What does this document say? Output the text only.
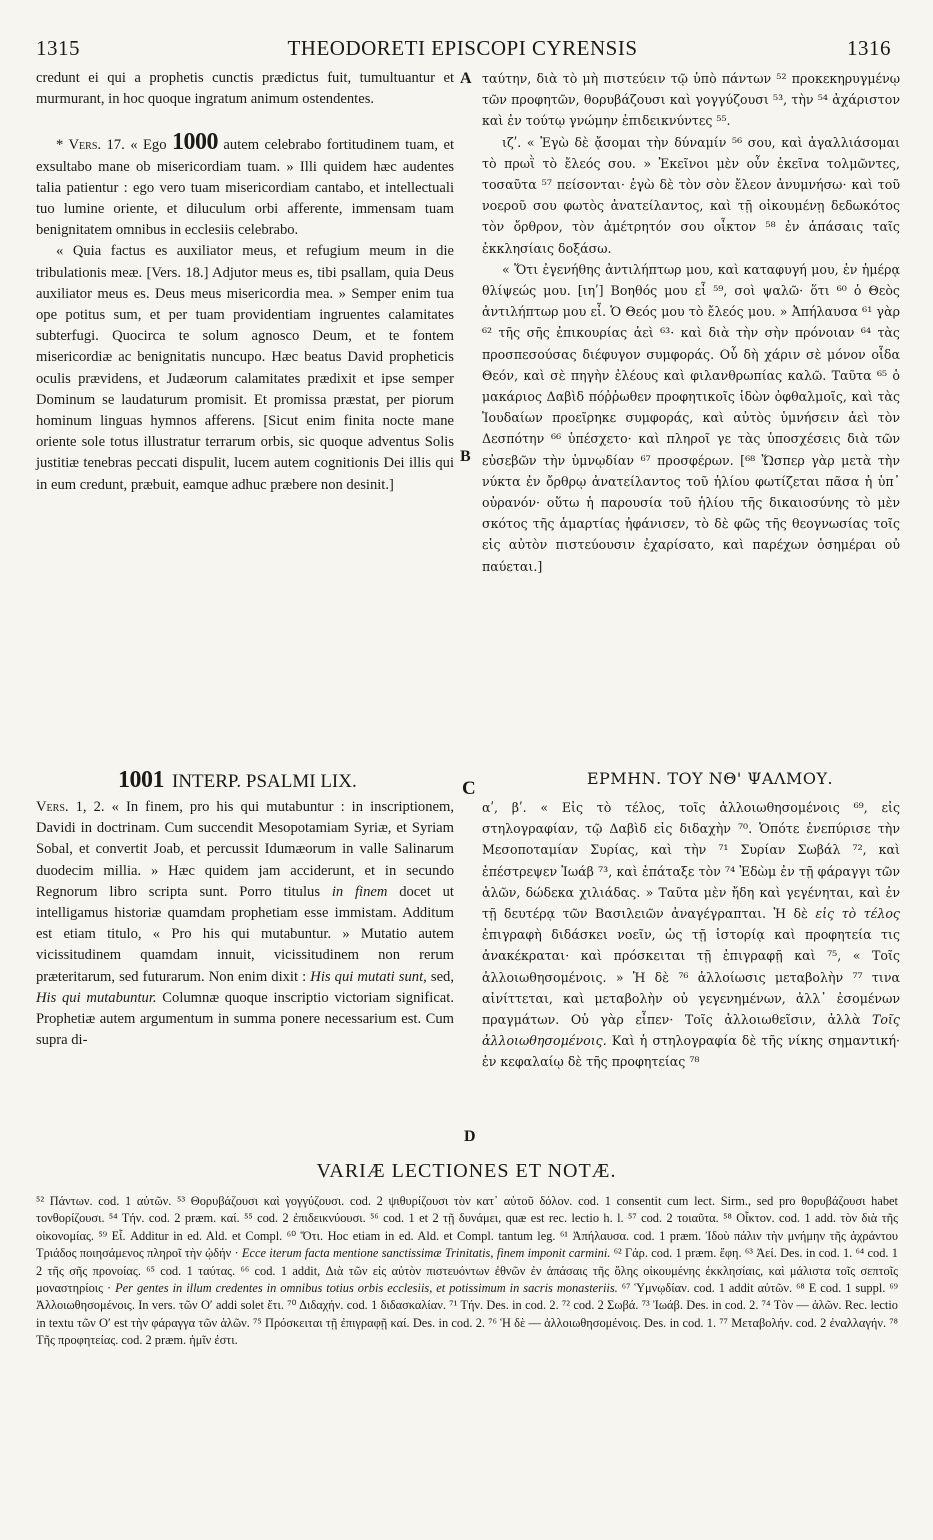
1315	THEODORETI EPISCOPI CYRENSIS	1316
A
B
C
D

credunt ei qui a prophetis cunctis prædictus fuit, tumultuantur et murmurant, in hoc quoque ingratum animum ostendentes.

* Vers. 17. « Ego 1000 autem celebrabo fortitudinem tuam, et exsultabo mane ob misericordiam tuam. » Illi quidem hæc audentes talia patientur : ego vero tuam misericordiam cantabo, et intellectuali tuo lumine oriente, et diluculum orbi afferente, immensam tuam benignitatem omnibus in ecclesiis celebrabo.

« Quia factus es auxiliator meus, et refugium meum in die tribulationis meæ. [Vers. 18.] Adjutor meus es, tibi psallam, quia Deus auxiliator meus es. Deus meus misericordia mea. » Semper enim tua ope potitus sum, et per tuam providentiam ingruentes calamitates subterfugi. Quocirca te solum agnosco Deum, et te fontem misericordiæ ac benignitatis nuncupo. Hæc beatus David propheticis oculis prævidens, et Judæorum calamitates prædixit et ipse semper Dominum se laudaturum promisit. Et promissa præstat, per piorum hominum linguas hymnos afferens. [Sicut enim finita nocte mane oriente sole totus illustratur terrarum orbis, sic quoque adventus Solis justitiæ tenebras peccati dispulit, lucem autem cognitionis Dei illis qui in eum credunt, præbuit, eamque adhuc præbere non desinit.]

ταύτην, διὰ τὸ μὴ πιστεύειν τῷ ὑπὸ πάντων ⁵² προκεκηρυγμένῳ τῶν προφητῶν, θορυβάζουσι καὶ γογγύζουσι ⁵³, τὴν ⁵⁴ ἀχάριστον καὶ ἐν τούτῳ γνώμην ἐπιδεικνύντες ⁵⁵.

ιζʹ. « Ἐγὼ δὲ ᾄσομαι τὴν δύναμίν ⁵⁶ σου, καὶ ἀγαλλιάσομαι τὸ πρωῒ τὸ ἔλεός σου. » Ἐκεῖνοι μὲν οὖν ἐκεῖνα τολμῶντες, τοσαῦτα ⁵⁷ πείσονται· ἐγὼ δὲ τὸν σὸν ἔλεον ἀνυμνήσω· καὶ τοῦ νοεροῦ σου φωτὸς ἀνατείλαντος, καὶ τῇ οἰκουμένῃ δεδωκότος τὸν ὄρθρον, τὸν ἀμέτρητόν σου οἶκτον ⁵⁸ ἐν ἁπάσαις ταῖς ἐκκλησίαις δοξάσω.

« Ὅτι ἐγενήθης ἀντιλήπτωρ μου, καὶ καταφυγή μου, ἐν ἡμέρᾳ θλίψεώς μου. [ιηʹ] Βοηθός μου εἶ ⁵⁹, σοὶ ψαλῶ· ὅτι ⁶⁰ ὁ Θεὸς ἀντιλήπτωρ μου εἶ. Ὁ Θεός μου τὸ ἔλεός μου. » Ἀπήλαυσα ⁶¹ γὰρ ⁶² τῆς σῆς ἐπικουρίας ἀεὶ ⁶³· καὶ διὰ τὴν σὴν πρόνοιαν ⁶⁴ τὰς προσπεσούσας διέφυγον συμφοράς. Οὗ δὴ χάριν σὲ μόνον οἶδα Θεόν, καὶ σὲ πηγὴν ἐλέους καὶ φιλανθρωπίας καλῶ. Ταῦτα ⁶⁵ ὁ μακάριος Δαβὶδ πόῤῥωθεν προφητικοῖς ἰδὼν ὀφθαλμοῖς, καὶ τὰς Ἰουδαίων προεῖρηκε συμφοράς, καὶ αὐτὸς ὑμνήσειν ἀεὶ τὸν Δεσπότην ⁶⁶ ὑπέσχετο· καὶ πληροῖ γε τὰς ὑποσχέσεις διὰ τῶν εὐσεβῶν τὴν ὑμνῳδίαν ⁶⁷ προσφέρων. [⁶⁸ Ὥσπερ γὰρ μετὰ τὴν νύκτα ἐν ὄρθρῳ ἀνατείλαντος τοῦ ἡλίου φωτίζεται πᾶσα ἡ ὑπ᾽ οὐρανόν· οὕτω ἡ παρουσία τοῦ ἡλίου τῆς δικαιοσύνης τὸ μὲν σκότος τῆς ἁμαρτίας ἠφάνισεν, τὸ δὲ φῶς τῆς θεογνωσίας τοῖς εἰς αὐτὸν πιστεύουσιν ἐχαρίσατο, καὶ παρέχων ὁσημέραι οὐ παύεται.]

1001 INTERP. PSALMI LIX.	ΕΡΜΗΝ. ΤΟΥ ΝΘ' ΨΑΛΜΟΥ.

Vers. 1, 2. « In finem, pro his qui mutabuntur : in inscriptionem, Davidi in doctrinam. Cum succendit Mesopotamiam Syriæ, et Syriam Sobal, et convertit Joab, et percussit Idumæorum in valle Salinarum duodecim millia. » Hæc quidem jam acciderunt, et in secundo Regnorum libro scripta sunt. Porro titulus in finem docet ut intelligamus historiæ quamdam prophetiam esse immistam. Additum est etiam titulo, « Pro his qui mutabuntur. » Mutatio autem vicissitudinem quamdam innuit, vicissitudinem non rerum præteritarum, sed futurarum. Non enim dixit : His qui mutati sunt, sed, His qui mutabuntur. Columnæ quoque inscriptio victoriam significat. Prophetiæ autem argumentum in summa ponere necessarium est. Cum supra di-

αʹ, βʹ. « Εἰς τὸ τέλος, τοῖς ἀλλοιωθησομένοις ⁶⁹, εἰς στηλογραφίαν, τῷ Δαβὶδ εἰς διδαχὴν ⁷⁰. Ὁπότε ἐνεπύρισε τὴν Μεσοποταμίαν Συρίας, καὶ τὴν ⁷¹ Συρίαν Σωβάλ ⁷², καὶ ἐπέστρεψεν Ἰωάβ ⁷³, καὶ ἐπάταξε τὸν ⁷⁴ Ἐδὼμ ἐν τῇ φάραγγι τῶν ἁλῶν, δώδεκα χιλιάδας. » Ταῦτα μὲν ἤδη καὶ γεγένηται, καὶ ἐν τῇ δευτέρᾳ τῶν Βασιλειῶν ἀναγέγραπται. Ἡ δὲ εἰς τὸ τέλος ἐπιγραφὴ διδάσκει νοεῖν, ὡς τῇ ἱστορίᾳ καὶ προφητεία τις ἀνακέκραται· καὶ πρόσκειται τῇ ἐπιγραφῇ καὶ ⁷⁵, « Τοῖς ἀλλοιωθησομένοις. » Ἡ δὲ ⁷⁶ ἀλλοίωσις μεταβολὴν ⁷⁷ τινα αἰνίττεται, καὶ μεταβολὴν οὐ γεγενημένων, ἀλλ᾽ ἐσομένων πραγμάτων. Οὐ γὰρ εἶπεν· Τοῖς ἀλλοιωθεῖσιν, ἀλλὰ Τοῖς ἀλλοιωθησομένοις. Καὶ ἡ στηλογραφία δὲ τῆς νίκης σημαντική· ἐν κεφαλαίῳ δὲ τῆς προφητείας ⁷⁸

VARIÆ LECTIONES ET NOTÆ.

⁵² Πάντων. cod. 1 αὐτῶν. ⁵³ Θορυβάζουσι καὶ γογγύζουσι. cod. 2 ψιθυρίζουσι τὸν κατ᾽ αὐτοῦ δόλον. cod. 1 consentit cum lect. Sirm., sed pro θορυβάζουσι habet τονθορίζουσι. ⁵⁴ Τήν. cod. 2 præm. καί. ⁵⁵ cod. 2 ἐπιδεικνύουσι. ⁵⁶ cod. 1 et 2 τῇ δυνάμει, quæ est rec. lectio h. l. ⁵⁷ cod. 2 τοιαῦτα. ⁵⁸ Οἶκτον. cod. 1 add. τὸν διὰ τῆς οἰκονομίας. ⁵⁹ Εἶ. Additur in ed. Ald. et Compl. ⁶⁰ Ὅτι. Hoc etiam in ed. Ald. et Compl. tantum leg. ⁶¹ Ἀπήλαυσα. cod. 1 præm. Ἰδοὺ πάλιν τὴν μνήμην τῆς ἀχράντου Τριάδος ποιησάμενος πληροῖ τὴν ᾠδήν · Ecce iterum facta mentione sanctissimæ Trinitatis, finem imponit carmini. ⁶² Γάρ. cod. 1 præm. ἔφη. ⁶³ Ἀεί. Des. in cod. 1. ⁶⁴ cod. 1 2 τῆς σῆς προνοίας. ⁶⁵ cod. 1 ταύτας. ⁶⁶ cod. 1 addit, Διὰ τῶν εἰς αὐτὸν πιστευόντων ἐθνῶν ἐν ἁπάσαις τῆς ὅλης οἰκουμένης ἐκκλησίαις, καὶ μάλιστα τοῖς σεπτοῖς μοναστηρίοις · Per gentes in illum credentes in omnibus totius orbis ecclesiis, et potissimum in sacris monasteriis. ⁶⁷ Ὑμνῳδίαν. cod. 1 addit αὐτῶν. ⁶⁸ E cod. 1 suppl. ⁶⁹ Ἀλλοιωθησομένοις. In vers. τῶν Οʹ addi solet ἔτι. ⁷⁰ Διδαχήν. cod. 1 διδασκαλίαν. ⁷¹ Τήν. Des. in cod. 2. ⁷² cod. 2 Σωβά. ⁷³ Ἰωάβ. Des. in cod. 2. ⁷⁴ Τὸν — ἁλῶν. Rec. lectio in textu τῶν Οʹ est τὴν φάραγγα τῶν ἁλῶν. ⁷⁵ Πρόσκειται τῇ ἐπιγραφῇ καί. Des. in cod. 2. ⁷⁶ Ἡ δὲ — ἀλλοιωθησομένοις. Des. in cod. 1. ⁷⁷ Μεταβολήν. cod. 2 ἐναλλαγήν. ⁷⁸ Τῆς προφητείας. cod. 2 præm. ἡμῖν ἐστι.
